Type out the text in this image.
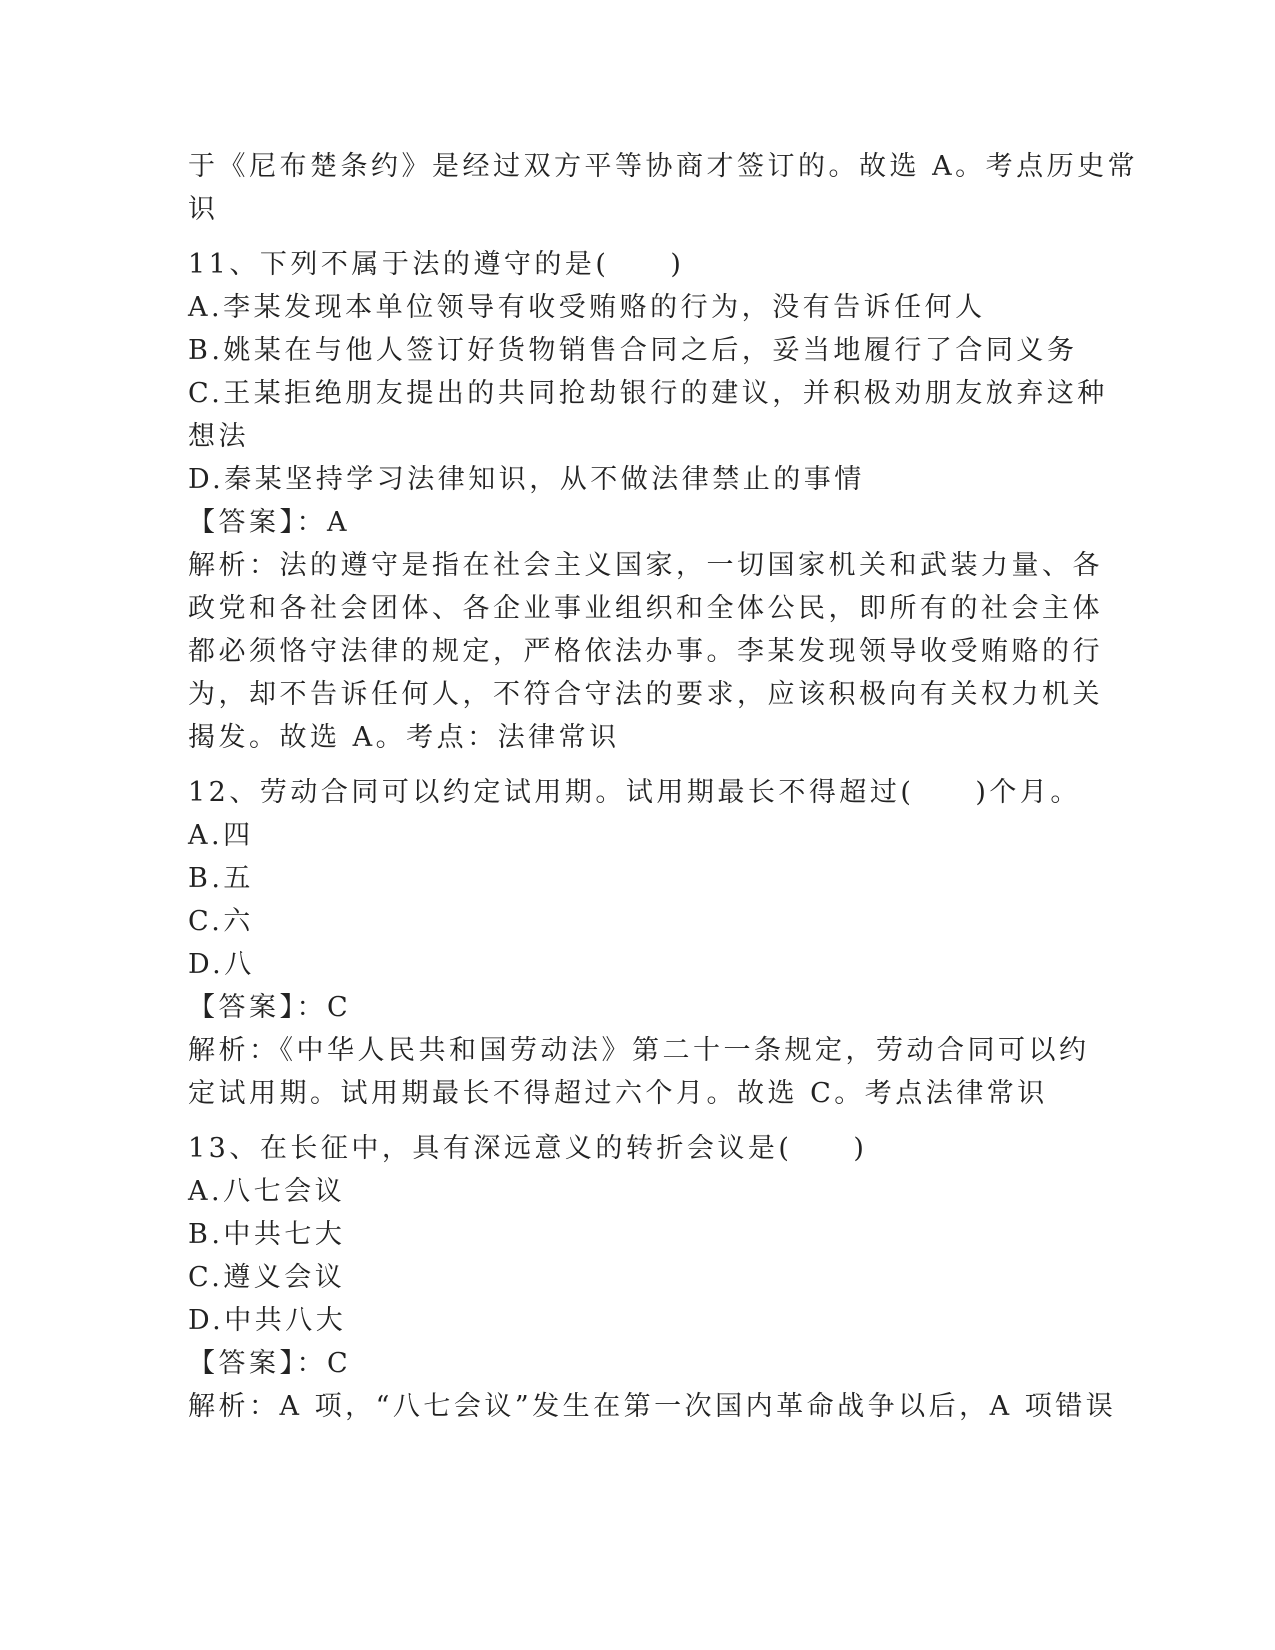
于《尼布楚条约》是经过双方平等协商才签订的。故选 A。考点历史常
识
11、下列不属于法的遵守的是(　　)
A.李某发现本单位领导有收受贿赂的行为，没有告诉任何人
B.姚某在与他人签订好货物销售合同之后，妥当地履行了合同义务
C.王某拒绝朋友提出的共同抢劫银行的建议，并积极劝朋友放弃这种
想法
D.秦某坚持学习法律知识，从不做法律禁止的事情
【答案】：A
解析：法的遵守是指在社会主义国家，一切国家机关和武装力量、各
政党和各社会团体、各企业事业组织和全体公民，即所有的社会主体
都必须恪守法律的规定，严格依法办事。李某发现领导收受贿赂的行
为，却不告诉任何人，不符合守法的要求，应该积极向有关权力机关
揭发。故选 A。考点：法律常识
12、劳动合同可以约定试用期。试用期最长不得超过(　　)个月。
A.四
B.五
C.六
D.八
【答案】：C
解析：《中华人民共和国劳动法》第二十一条规定，劳动合同可以约
定试用期。试用期最长不得超过六个月。故选 C。考点法律常识
13、在长征中，具有深远意义的转折会议是(　　)
A.八七会议
B.中共七大
C.遵义会议
D.中共八大
【答案】：C
解析：A 项，“八七会议”发生在第一次国内革命战争以后，A 项错误
